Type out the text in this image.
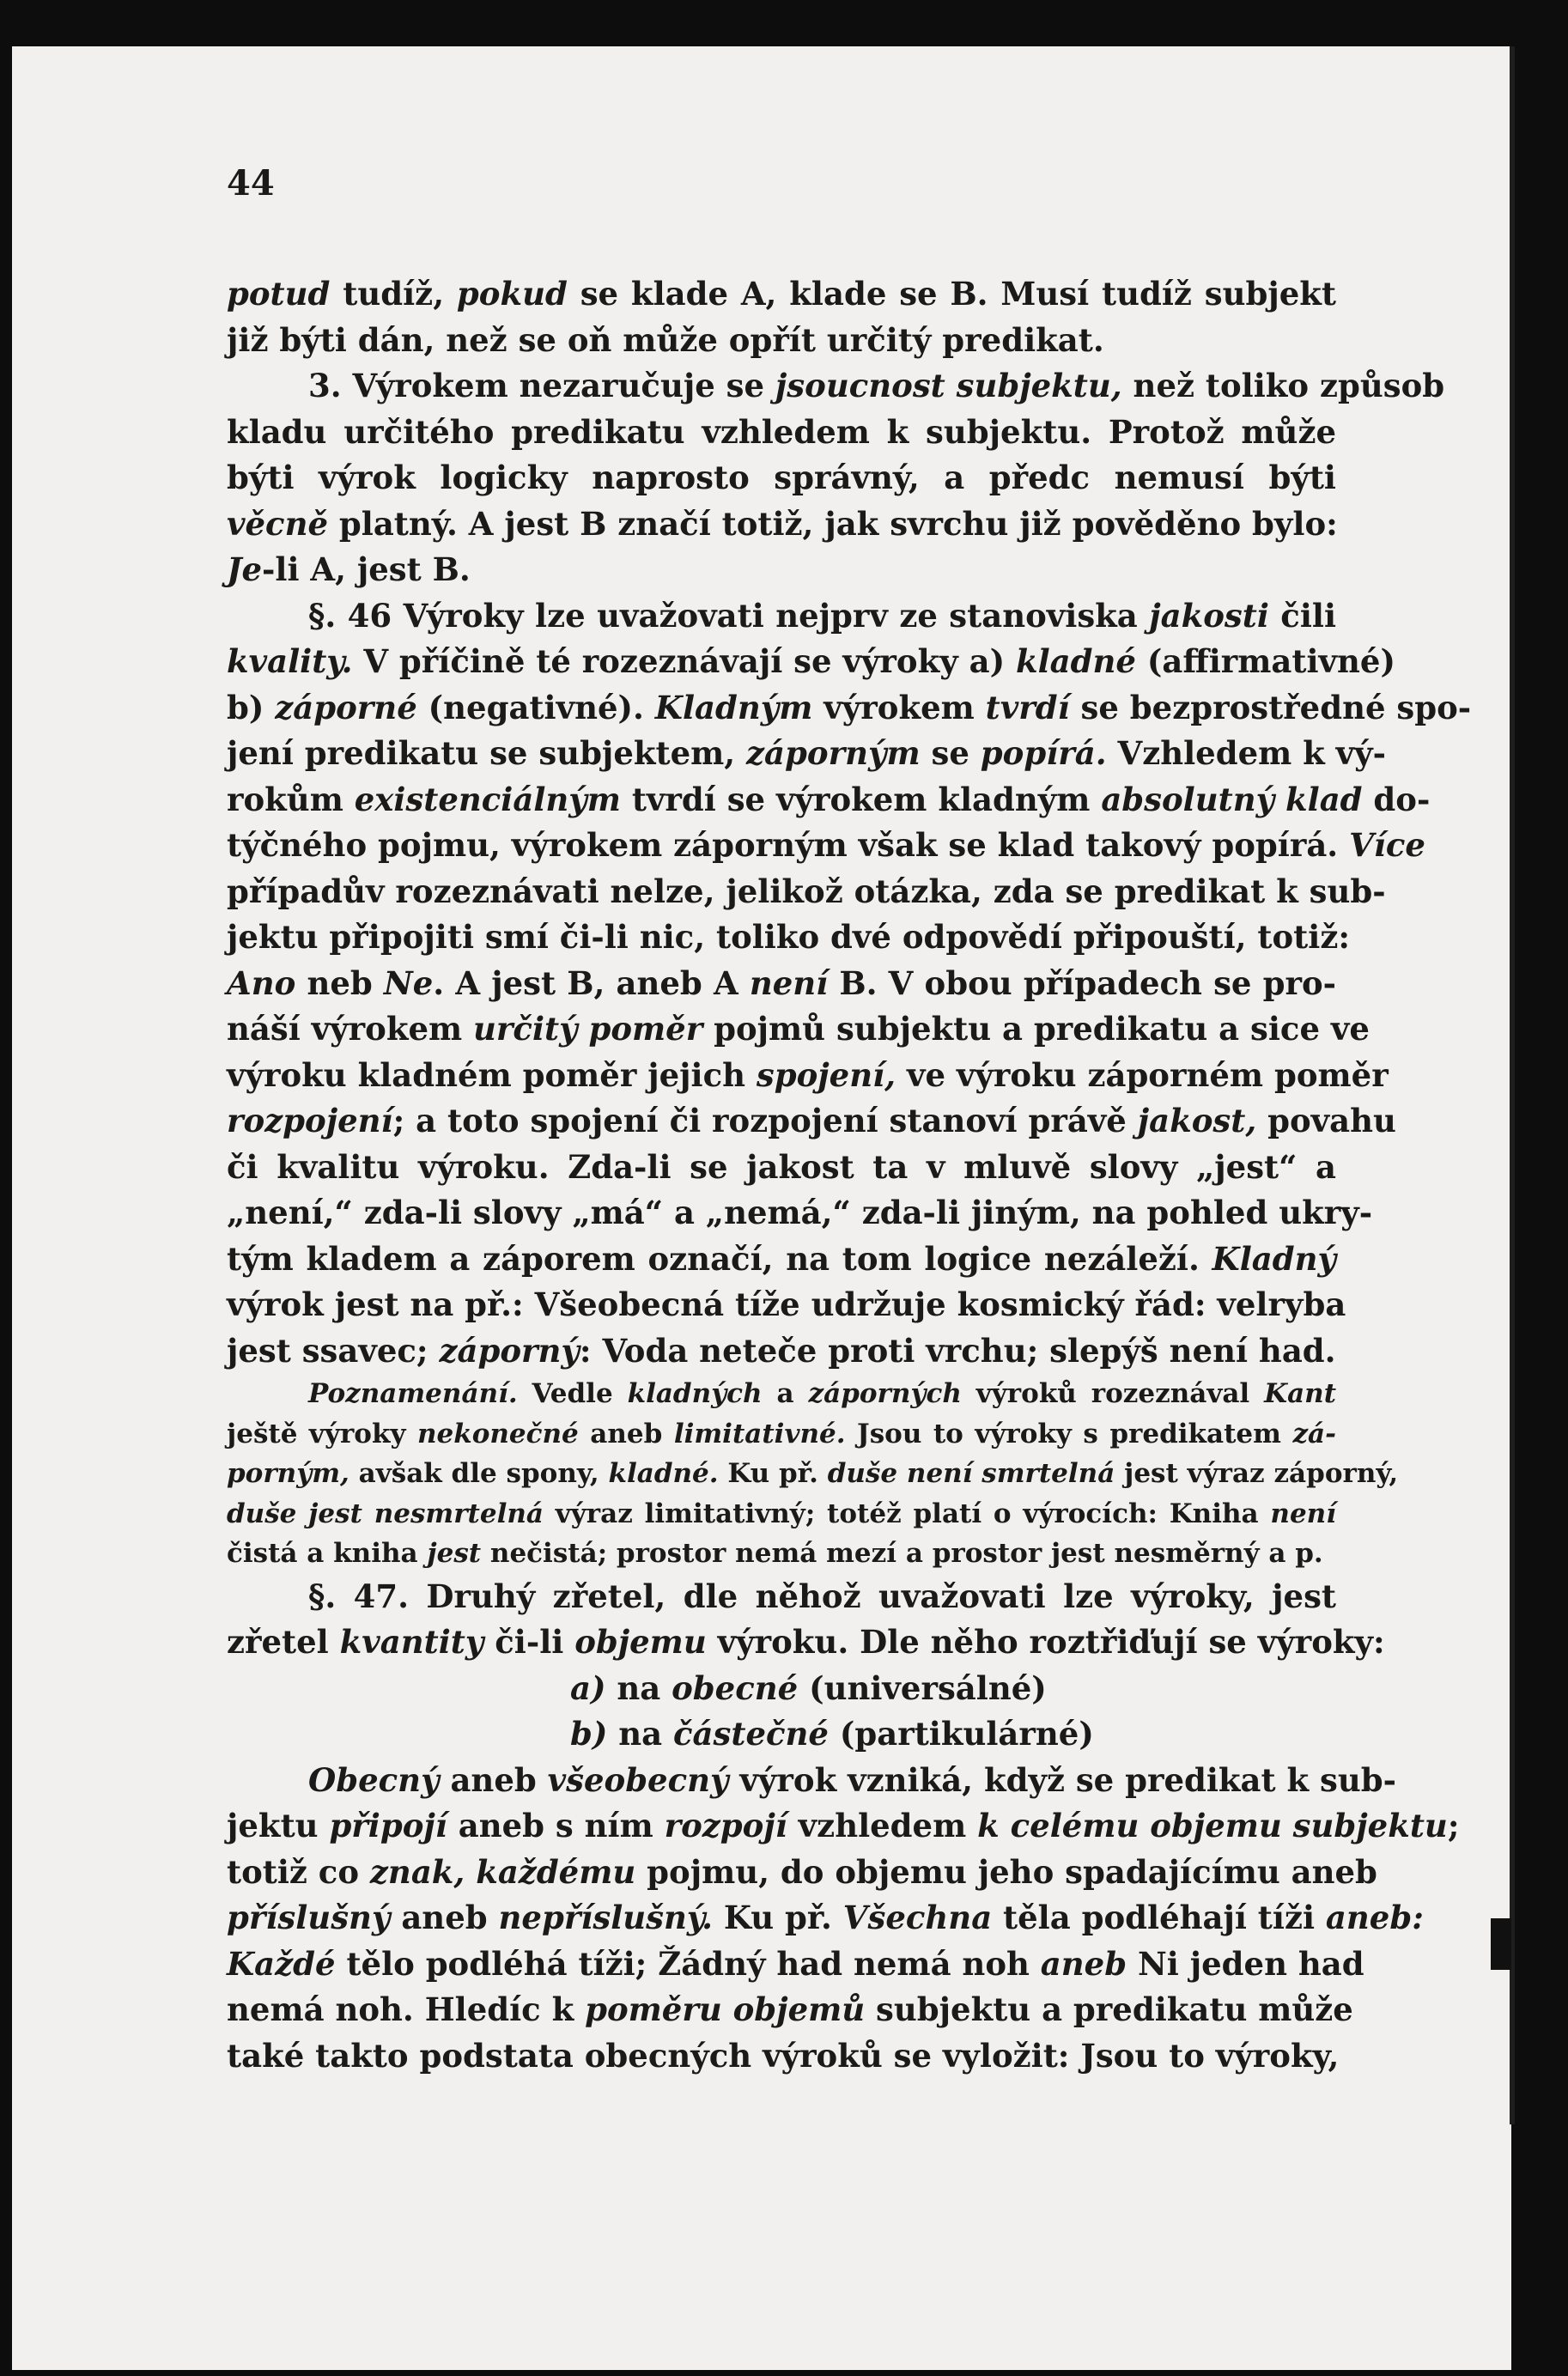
44
potud tudíž, pokud se klade A, klade se B. Musí tudíž subjekt
již býti dán, než se oň může opřít určitý predikat.
3. Výrokem nezaručuje se jsoucnost subjektu, než toliko způsob
kladu určitého predikatu vzhledem k subjektu. Protož může
býti výrok logicky naprosto správný, a předc nemusí býti
věcně platný. A jest B značí totiž, jak svrchu již pověděno bylo:
Je-li A, jest B.
§. 46 Výroky lze uvažovati nejprv ze stanoviska jakosti čili
kvality. V příčině té rozeznávají se výroky a) kladné (affirmativné)
b) záporné (negativné). Kladným výrokem tvrdí se bezprostředné spo-
jení predikatu se subjektem, záporným se popírá. Vzhledem k vý-
rokům existenciálným tvrdí se výrokem kladným absolutný klad do-
týčného pojmu, výrokem záporným však se klad takový popírá. Více
případův rozeznávati nelze, jelikož otázka, zda se predikat k sub-
jektu připojiti smí či-li nic, toliko dvé odpovědí připouští, totiž:
Ano neb Ne. A jest B, aneb A není B. V obou případech se pro-
náší výrokem určitý poměr pojmů subjektu a predikatu a sice ve
výroku kladném poměr jejich spojení, ve výroku záporném poměr
rozpojení; a toto spojení či rozpojení stanoví právě jakost, povahu
či kvalitu výroku. Zda-li se jakost ta v mluvě slovy „jest“ a
„není,“ zda-li slovy „má“ a „nemá,“ zda-li jiným, na pohled ukry-
tým kladem a záporem označí, na tom logice nezáleží. Kladný
výrok jest na př.: Všeobecná tíže udržuje kosmický řád: velryba
jest ssavec; záporný: Voda neteče proti vrchu; slepýš není had.
Poznamenání. Vedle kladných a záporných výroků rozeznával Kant
ještě výroky nekonečné aneb limitativné. Jsou to výroky s predikatem zá-
porným, avšak dle spony, kladné. Ku př. duše není smrtelná jest výraz záporný,
duše jest nesmrtelná výraz limitativný; totéž platí o výrocích: Kniha není
čistá a kniha jest nečistá; prostor nemá mezí a prostor jest nesměrný a p.
§. 47. Druhý zřetel, dle něhož uvažovati lze výroky, jest
zřetel kvantity či-li objemu výroku. Dle něho roztřiďují se výroky:
a) na obecné (universálné)
b) na částečné (partikulárné)
Obecný aneb všeobecný výrok vzniká, když se predikat k sub-
jektu připojí aneb s ním rozpojí vzhledem k celému objemu subjektu;
totiž co znak, každému pojmu, do objemu jeho spadajícímu aneb
příslušný aneb nepříslušný. Ku př. Všechna těla podléhají tíži aneb:
Každé tělo podléhá tíži; Žádný had nemá noh aneb Ni jeden had
nemá noh. Hledíc k poměru objemů subjektu a predikatu může
také takto podstata obecných výroků se vyložit: Jsou to výroky,
